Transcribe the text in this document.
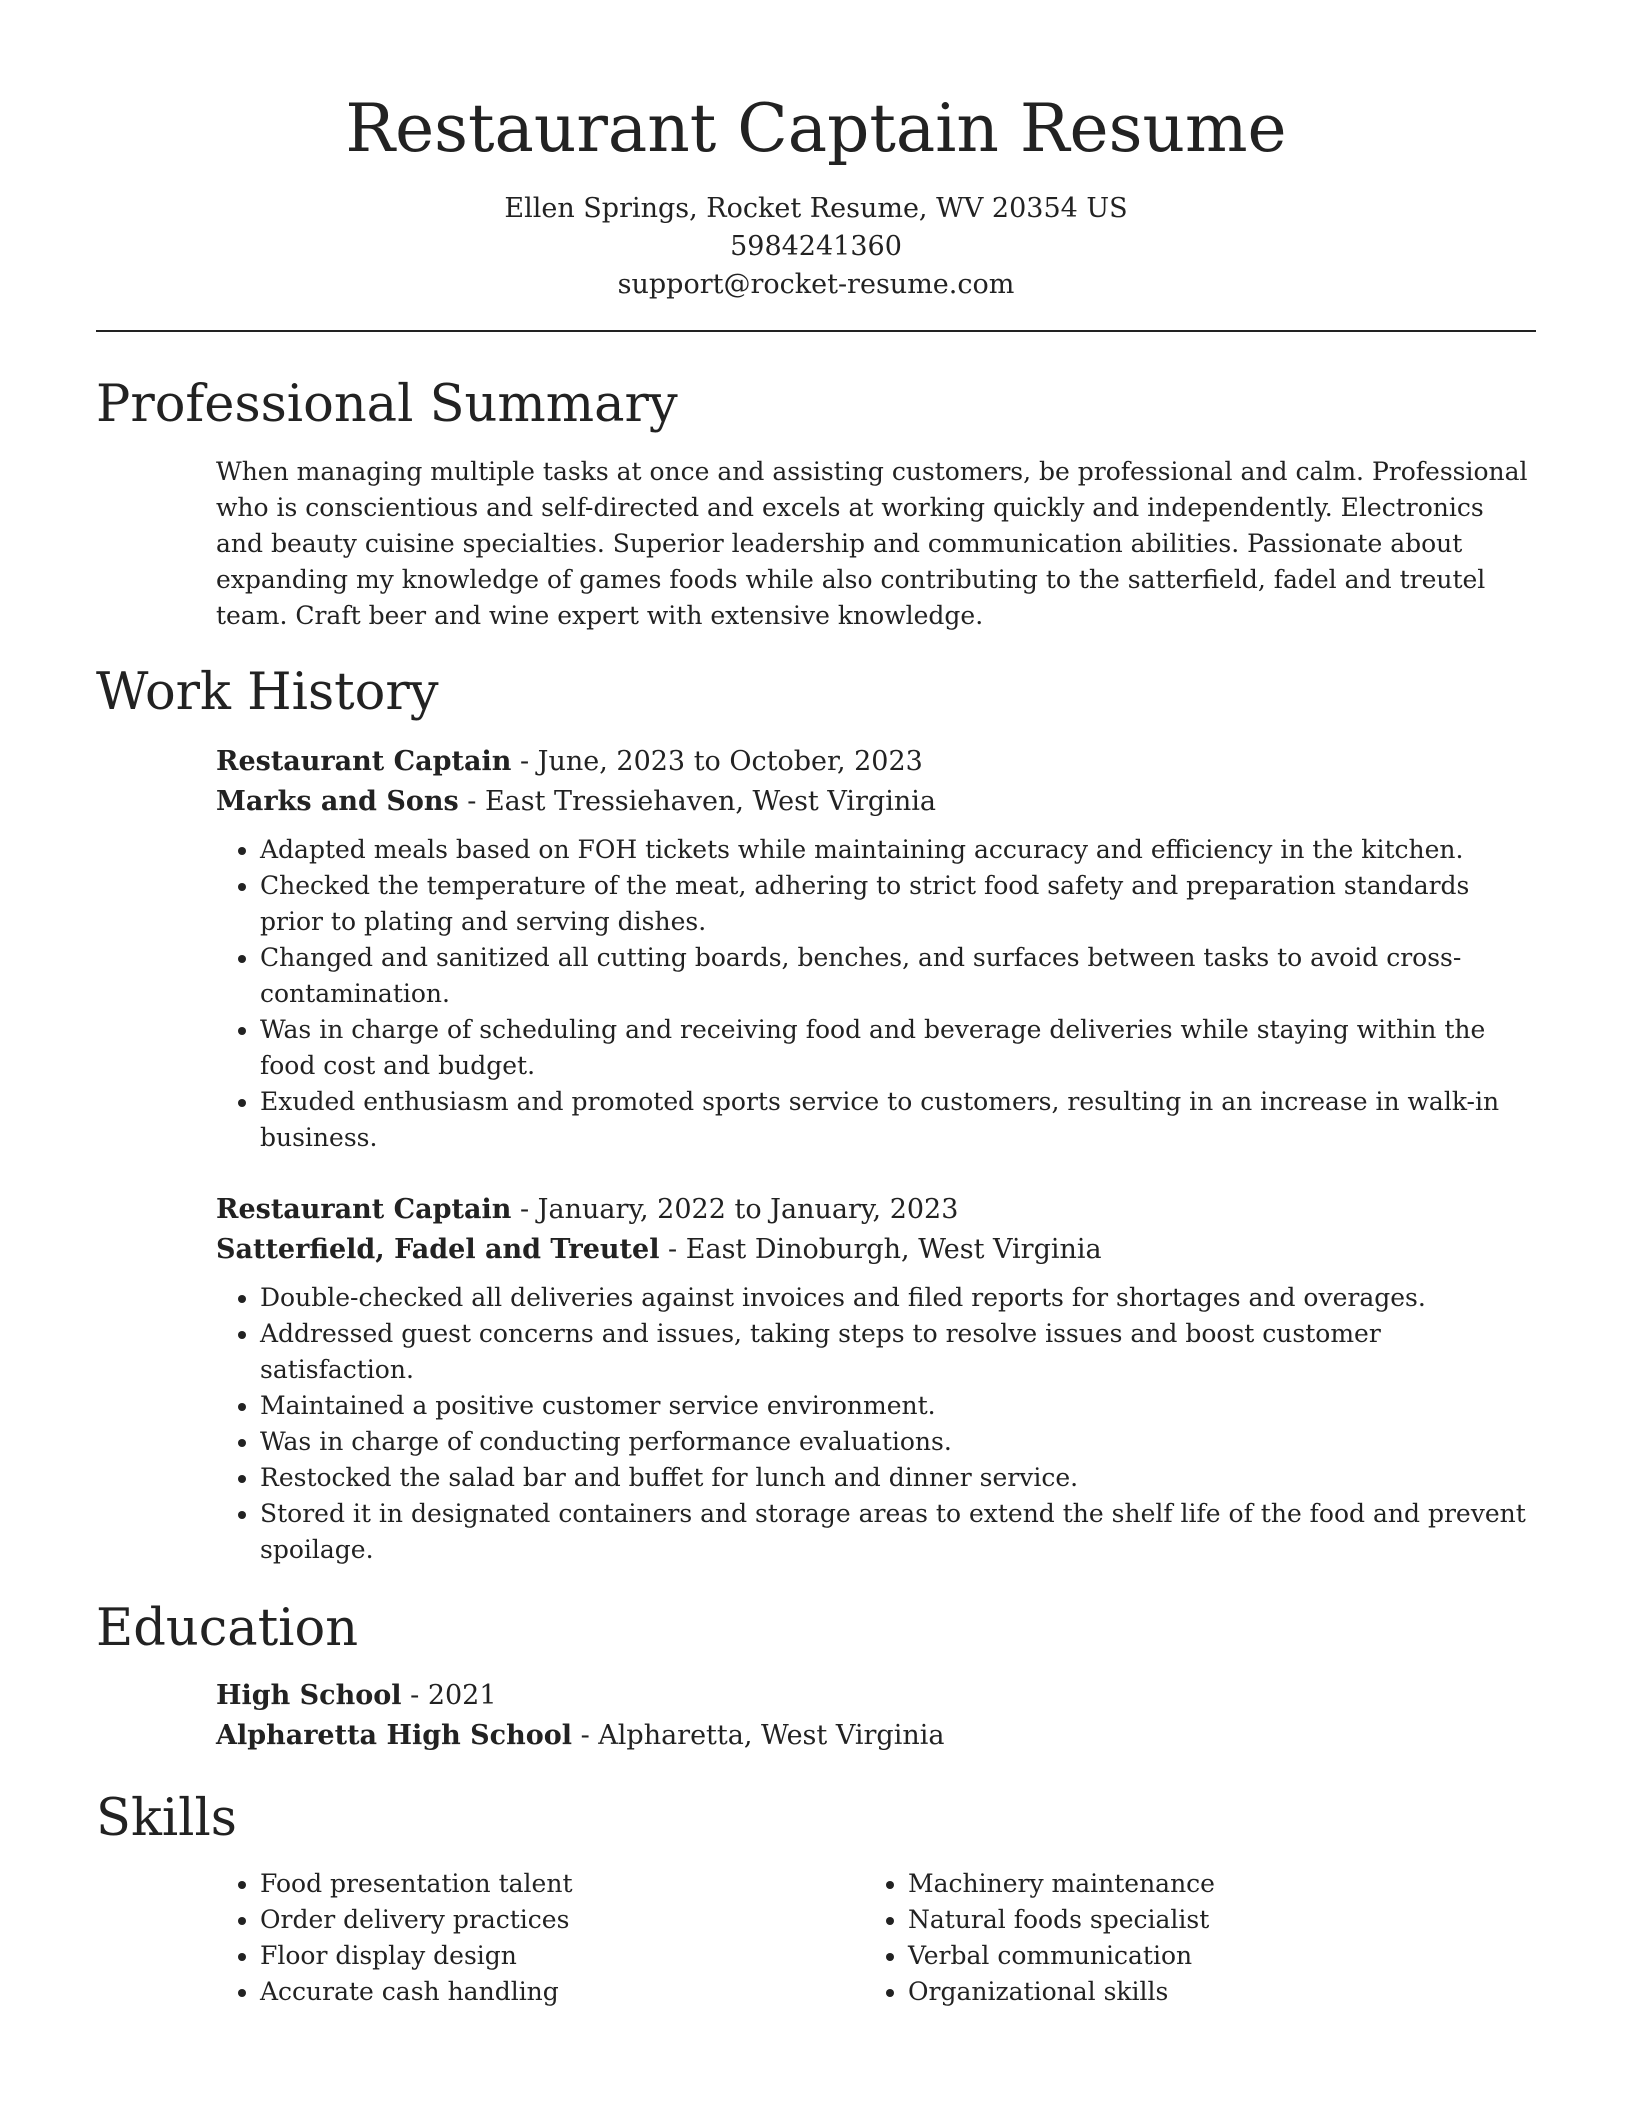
Restaurant Captain Resume
Ellen Springs, Rocket Resume, WV 20354 US
5984241360
support@rocket-resume.com
Professional Summary

When managing multiple tasks at once and assisting customers, be professional and calm. Professional who is conscientious and self-directed and excels at working quickly and independently. Electronics and beauty cuisine specialties. Superior leadership and communication abilities. Passionate about expanding my knowledge of games foods while also contributing to the satterfield, fadel and treutel team. Craft beer and wine expert with extensive knowledge.

Work History
Restaurant Captain - June, 2023 to October, 2023
Marks and Sons - East Tressiehaven, West Virginia
• Adapted meals based on FOH tickets while maintaining accuracy and efficiency in the kitchen.
• Checked the temperature of the meat, adhering to strict food safety and preparation standards prior to plating and serving dishes.
• Changed and sanitized all cutting boards, benches, and surfaces between tasks to avoid cross-contamination.
• Was in charge of scheduling and receiving food and beverage deliveries while staying within the food cost and budget.
• Exuded enthusiasm and promoted sports service to customers, resulting in an increase in walk-in business.
Restaurant Captain - January, 2022 to January, 2023
Satterfield, Fadel and Treutel - East Dinoburgh, West Virginia
• Double-checked all deliveries against invoices and filed reports for shortages and overages.
• Addressed guest concerns and issues, taking steps to resolve issues and boost customer satisfaction.
• Maintained a positive customer service environment.
• Was in charge of conducting performance evaluations.
• Restocked the salad bar and buffet for lunch and dinner service.
• Stored it in designated containers and storage areas to extend the shelf life of the food and prevent spoilage.
Education
High School - 2021
Alpharetta High School - Alpharetta, West Virginia
Skills
• Food presentation talent
• Order delivery practices
• Floor display design
• Accurate cash handling
• Machinery maintenance
• Natural foods specialist
• Verbal communication
• Organizational skills
